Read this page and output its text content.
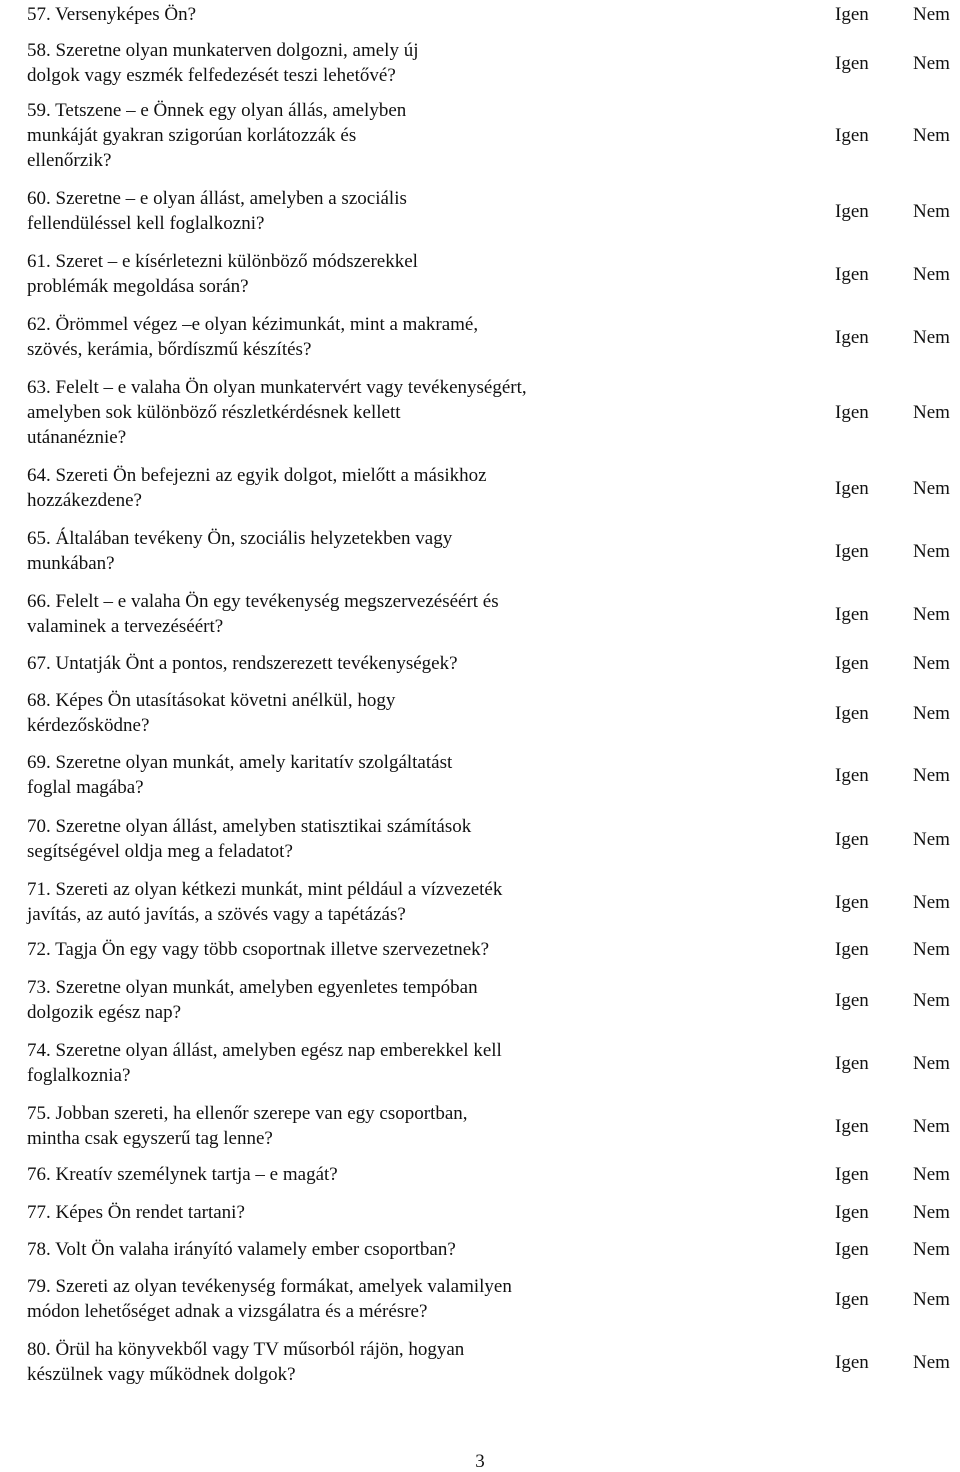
57. Versenyképes Ön?	Igen Nem
58. Szeretne olyan munkaterven dolgozni, amely új
dolgok vagy eszmék felfedezését teszi lehetővé?
Igen Nem
59. Tetszene – e Önnek egy olyan állás, amelyben
munkáját gyakran szigorúan korlátozzák és
ellenőrzik?
Igen Nem
60. Szeretne – e olyan állást, amelyben a szociális
fellendüléssel kell foglalkozni?
Igen Nem
61. Szeret – e kísérletezni különböző módszerekkel
problémák megoldása során?
Igen Nem
62. Örömmel végez –e olyan kézimunkát, mint a makramé,
szövés, kerámia, bőrdíszmű készítés?
Igen Nem
63. Felelt – e valaha Ön olyan munkatervért vagy tevékenységért,
amelyben sok különböző részletkérdésnek kellett
utánanéznie?
Igen Nem
64. Szereti Ön befejezni az egyik dolgot, mielőtt a másikhoz
hozzákezdene?
Igen Nem
65. Általában tevékeny Ön, szociális helyzetekben vagy
munkában?
Igen Nem
66. Felelt – e valaha Ön egy tevékenység megszervezéséért és
valaminek a tervezéséért?
Igen Nem
67. Untatják Önt a pontos, rendszerezett tevékenységek?	Igen Nem
68. Képes Ön utasításokat követni anélkül, hogy
kérdezősködne?
Igen Nem
69. Szeretne olyan munkát, amely karitatív szolgáltatást
foglal magába?
Igen Nem
70. Szeretne olyan állást, amelyben statisztikai számítások
segítségével oldja meg a feladatot?
Igen Nem
71. Szereti az olyan kétkezi munkát, mint például a vízvezeték
javítás, az autó javítás, a szövés vagy a tapétázás?
Igen Nem
72. Tagja Ön egy vagy több csoportnak illetve szervezetnek?	Igen Nem
73. Szeretne olyan munkát, amelyben egyenletes tempóban
dolgozik egész nap?
Igen Nem
74. Szeretne olyan állást, amelyben egész nap emberekkel kell
foglalkoznia?
Igen Nem
75. Jobban szereti, ha ellenőr szerepe van egy csoportban,
mintha csak egyszerű tag lenne?
Igen Nem
76. Kreatív személynek tartja – e magát?	Igen Nem
77. Képes Ön rendet tartani?	Igen Nem
78. Volt Ön valaha irányító valamely ember csoportban?	Igen Nem
79. Szereti az olyan tevékenység formákat, amelyek valamilyen
módon lehetőséget adnak a vizsgálatra és a mérésre?
Igen Nem
80. Örül ha könyvekből vagy TV műsorból rájön, hogyan
készülnek vagy működnek dolgok?
Igen Nem
3
